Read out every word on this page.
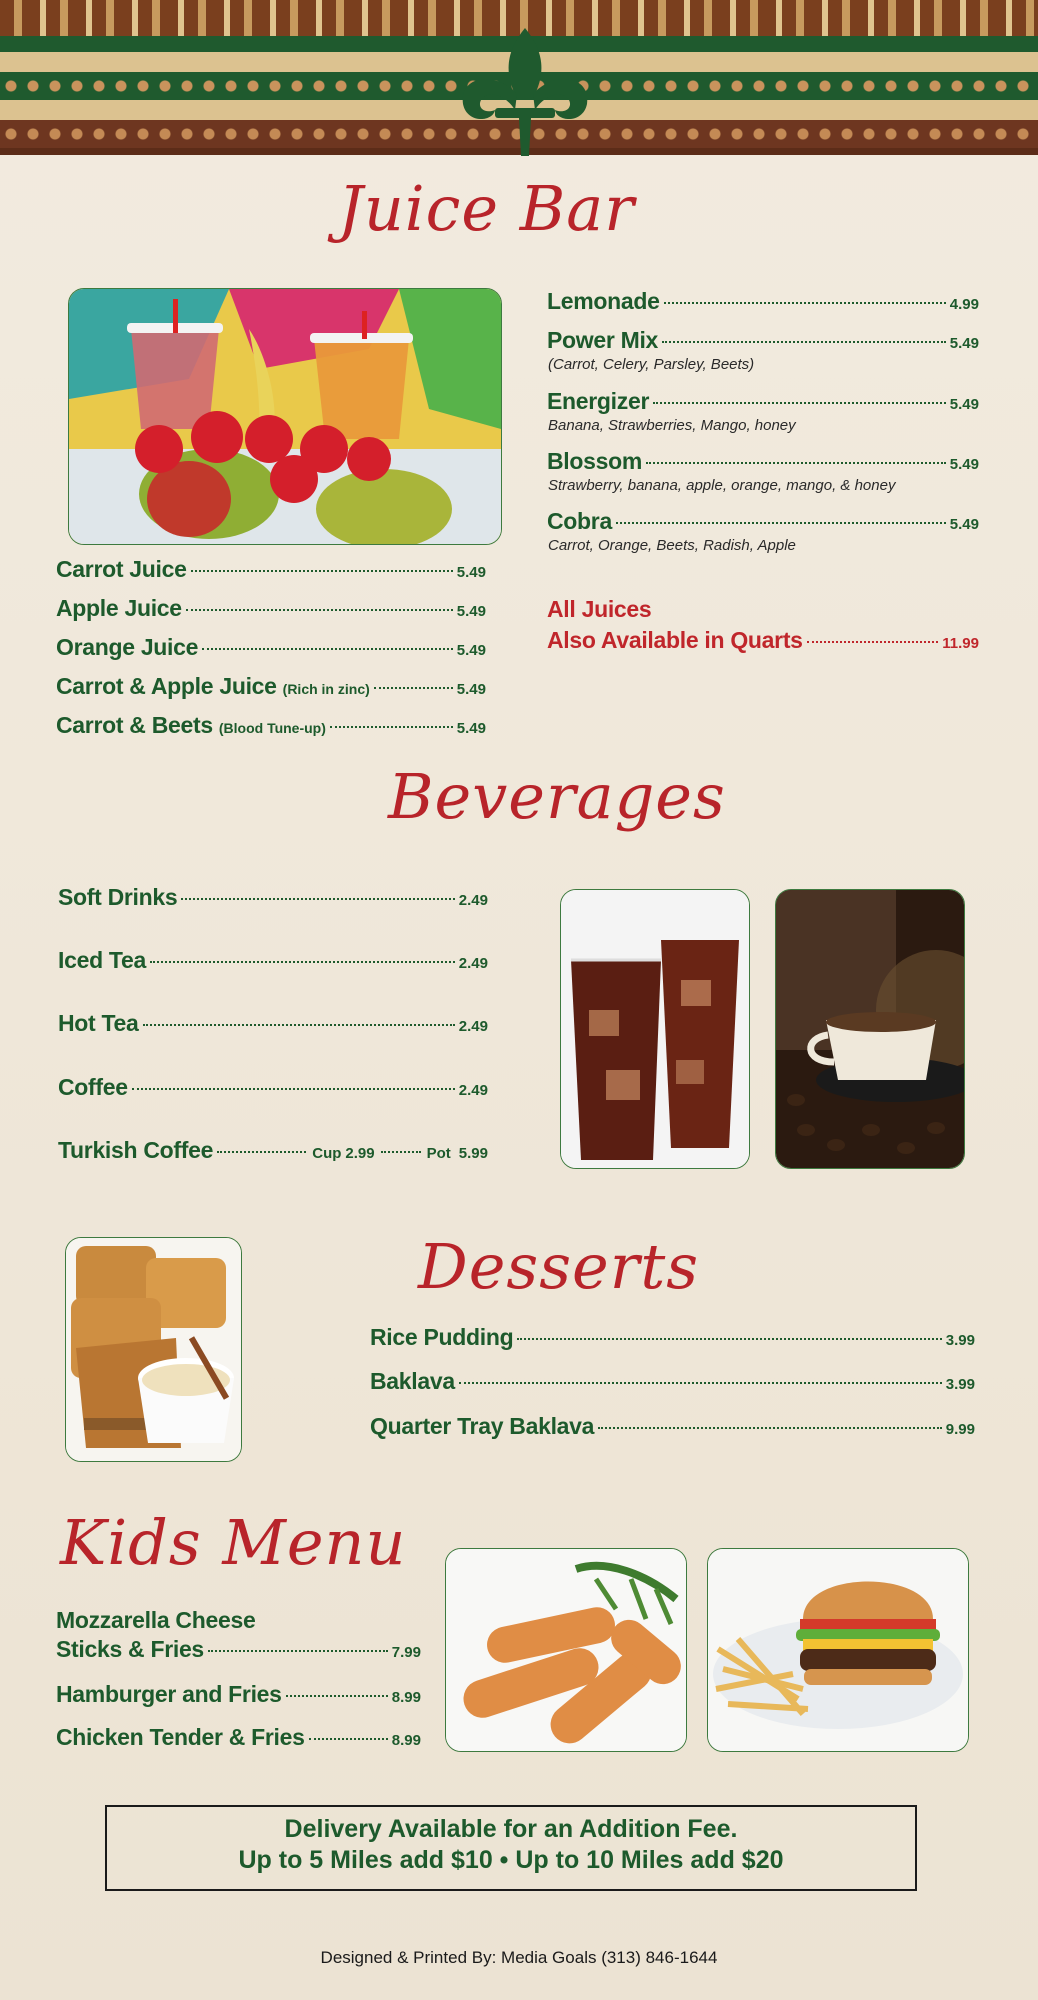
Juice Bar
Carrot Juice	5.49
Apple Juice	5.49
Orange Juice	5.49
Carrot & Apple Juice (Rich in zinc)	5.49
Carrot & Beets (Blood Tune-up)	5.49
Lemonade	4.99
Power Mix	5.49
(Carrot, Celery, Parsley, Beets)
Energizer	5.49
Banana, Strawberries, Mango, honey
Blossom	5.49
Strawberry, banana, apple, orange, mango, & honey
Cobra	5.49
Carrot, Orange, Beets, Radish, Apple
All Juices
Also Available in Quarts	11.99
Beverages
Soft Drinks	2.49
Iced Tea	2.49
Hot Tea	2.49
Coffee	2.49
Turkish Coffee	Cup 2.99	Pot 5.99
Desserts
Rice Pudding	3.99
Baklava	3.99
Quarter Tray Baklava	9.99
Kids Menu
Mozzarella Cheese
Sticks & Fries	7.99
Hamburger and Fries	8.99
Chicken Tender & Fries	8.99
Delivery Available for an Addition Fee.
Up to 5 Miles add $10 • Up to 10 Miles add $20
Designed & Printed By: Media Goals (313) 846-1644
